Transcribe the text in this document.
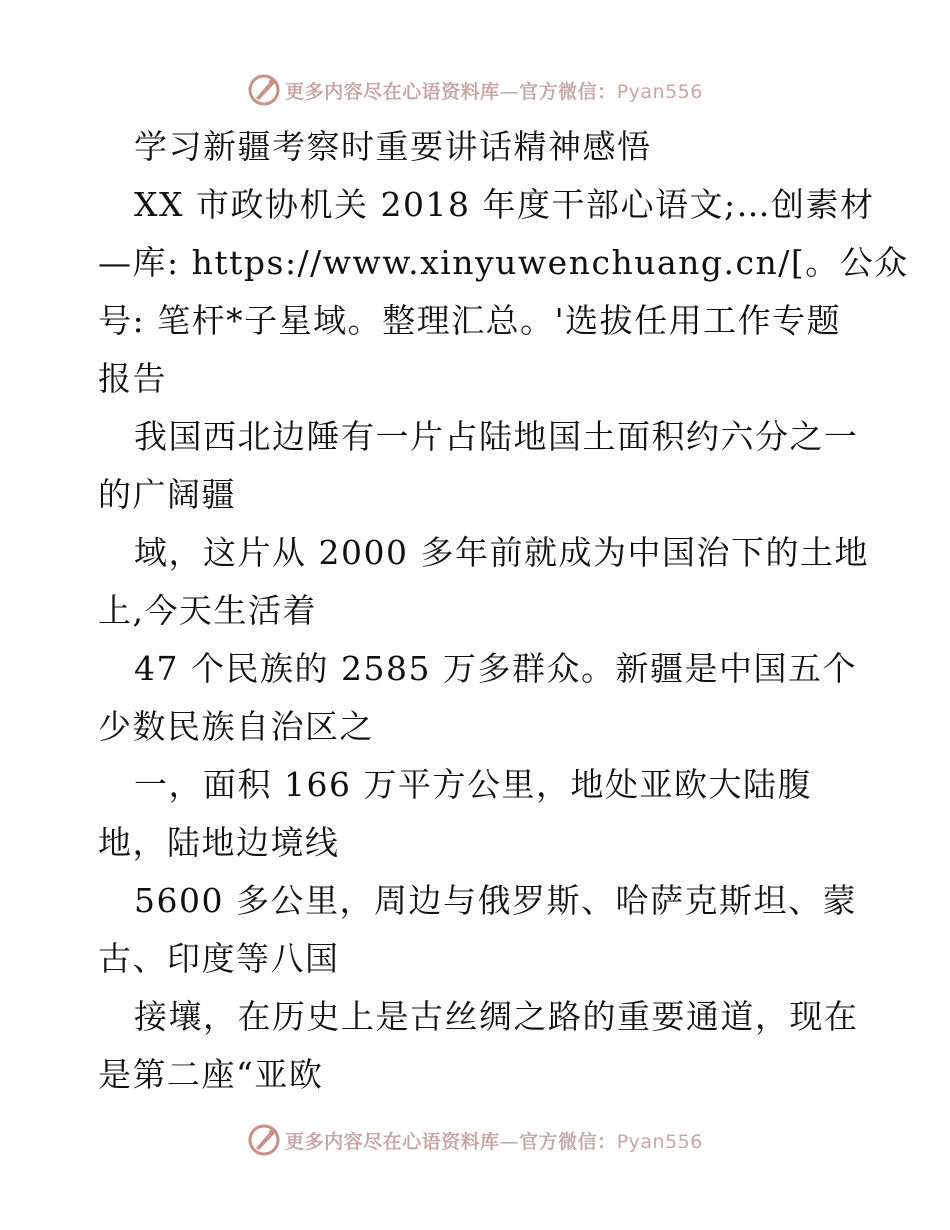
更多内容尽在心语资料库—官方微信：Pyan556
学习新疆考察时重要讲话精神感悟
XX 市政协机关 2018 年度干部心语文;…创素材
—库: https://www.xinyuwenchuang.cn/[。公众
号: 笔杆*子星域。整理汇总。'选拔任用工作专题
报告
我国西北边陲有一片占陆地国土面积约六分之一
的广阔疆
域，这片从 2000 多年前就成为中国治下的土地
上,今天生活着
47 个民族的 2585 万多群众。新疆是中国五个
少数民族自治区之
一，面积 166 万平方公里，地处亚欧大陆腹
地，陆地边境线
5600 多公里，周边与俄罗斯、哈萨克斯坦、蒙
古、印度等八国
接壤，在历史上是古丝绸之路的重要通道，现在
是第二座“亚欧
更多内容尽在心语资料库—官方微信：Pyan556
